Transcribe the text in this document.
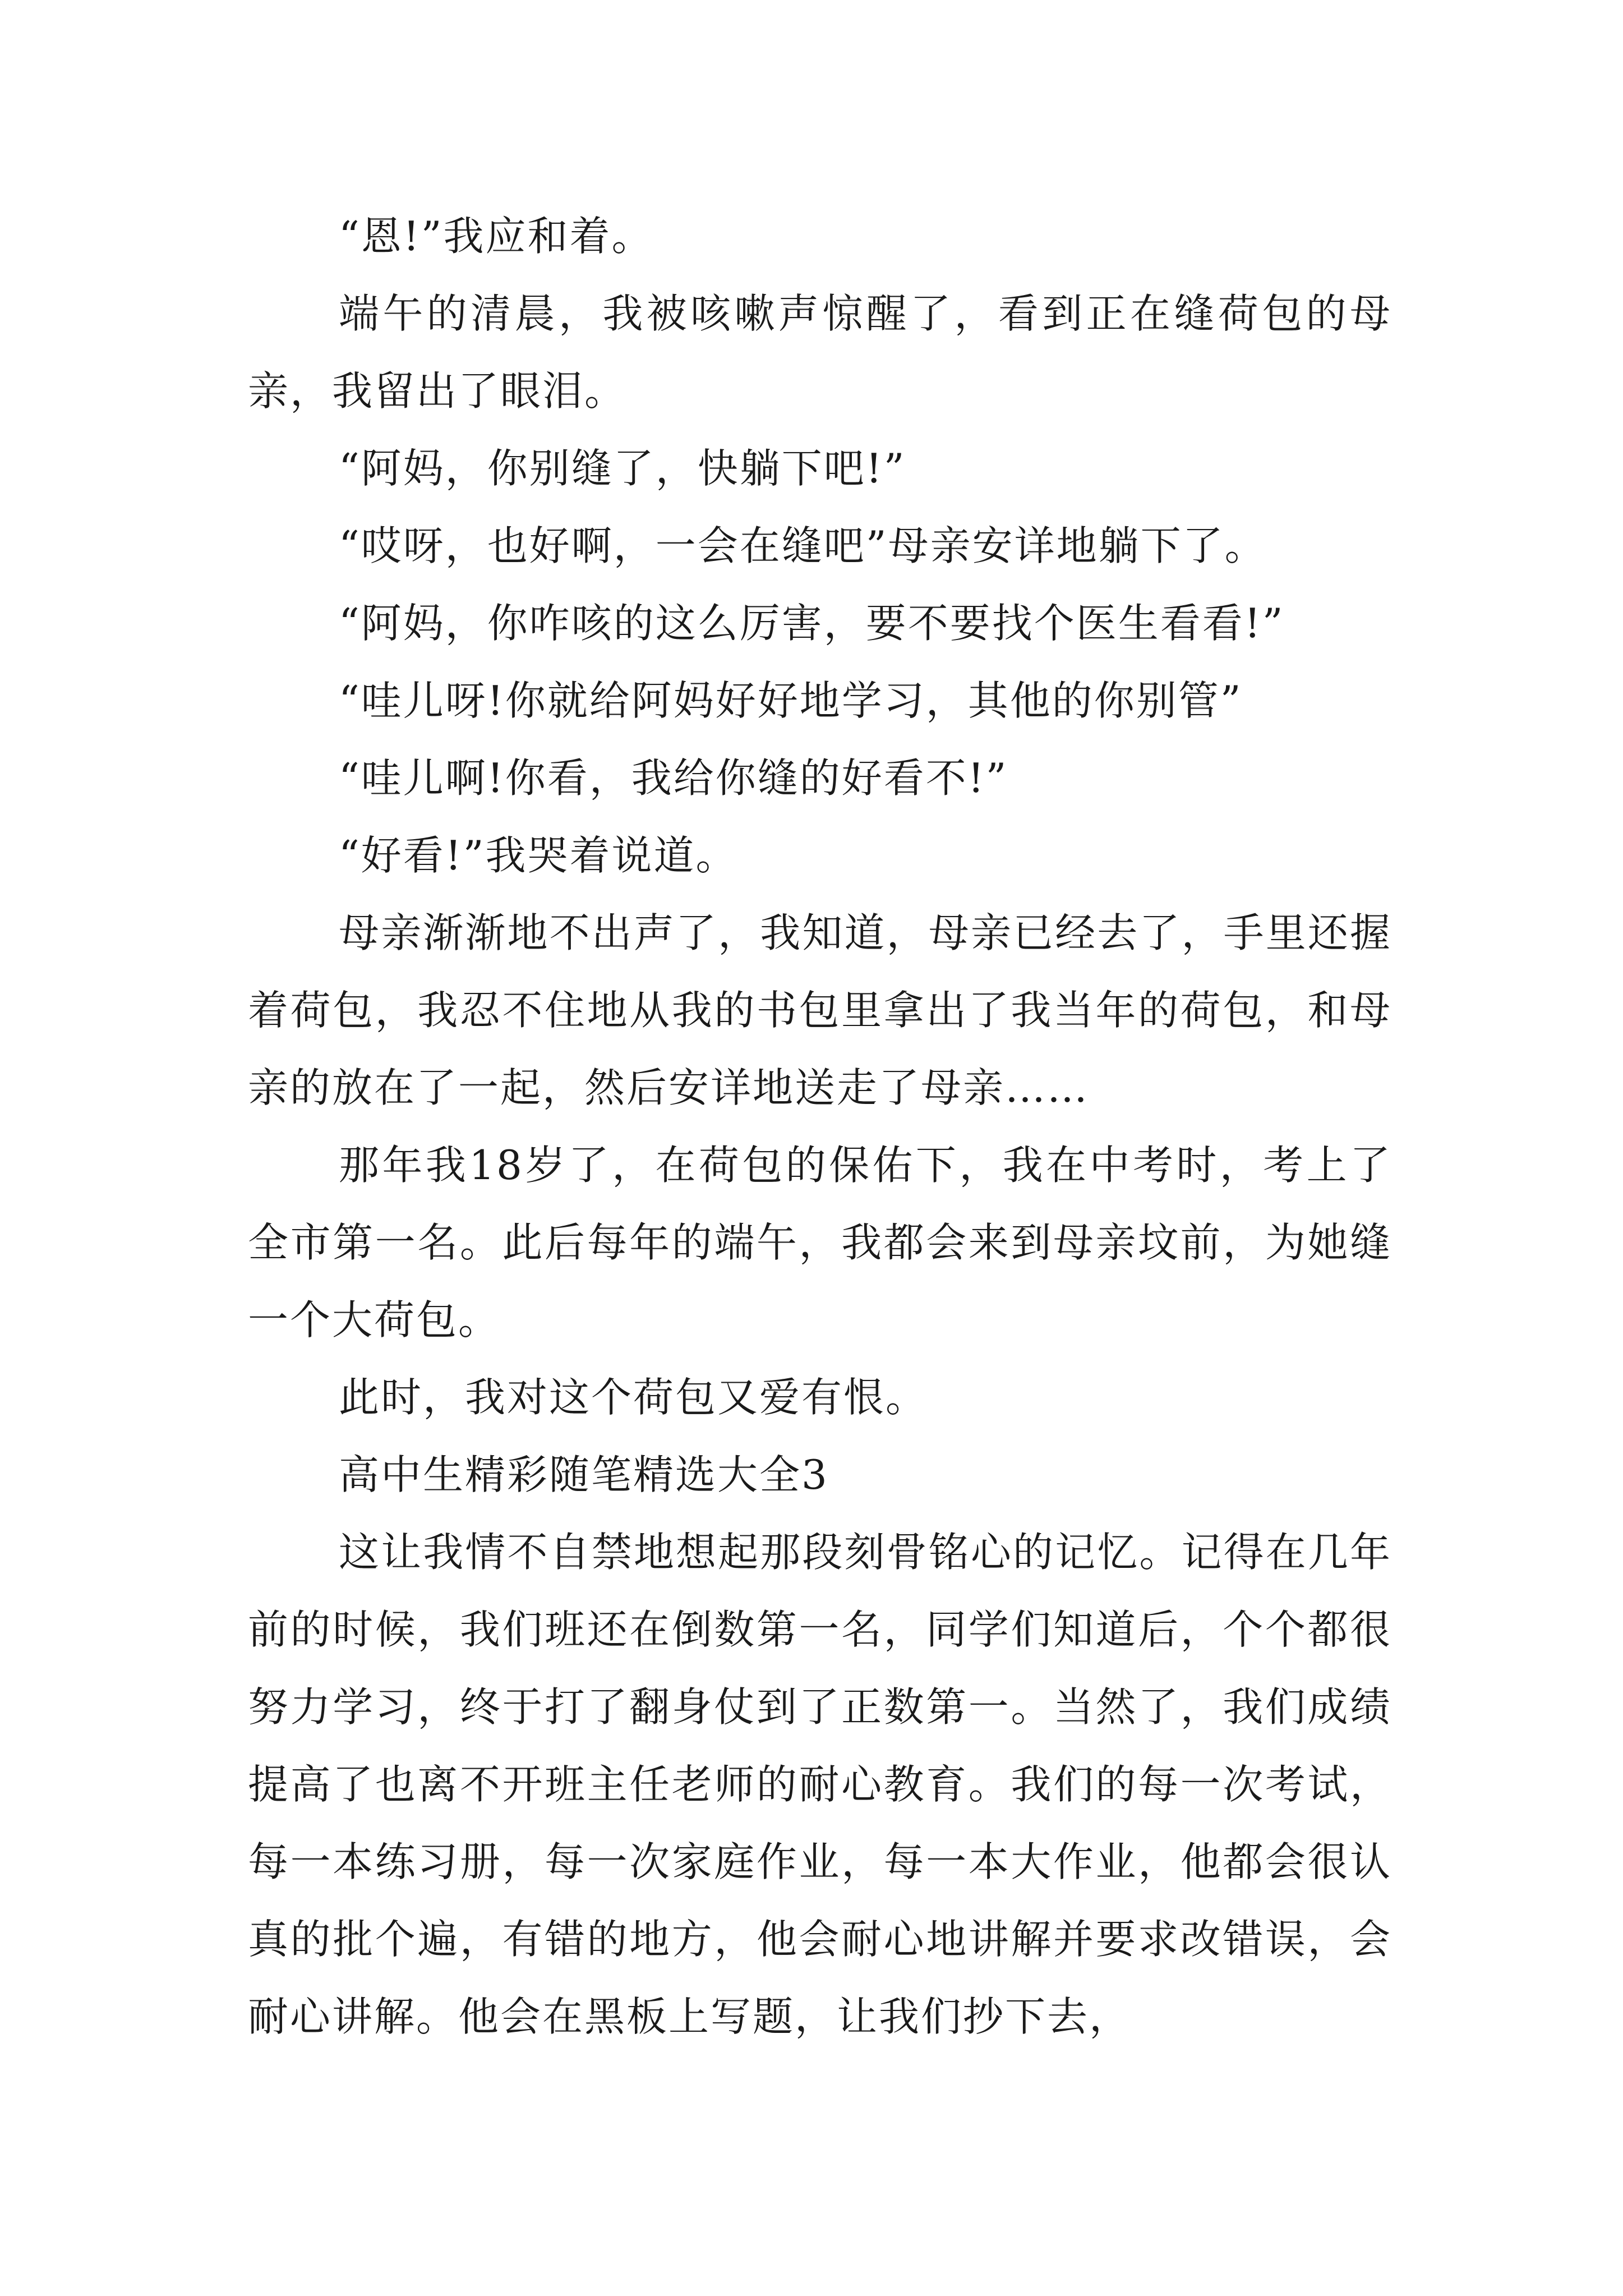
“恩!”我应和着。

端午的清晨，我被咳嗽声惊醒了，看到正在缝荷包的母亲，我留出了眼泪。

“阿妈，你别缝了，快躺下吧!”

“哎呀，也好啊，一会在缝吧”母亲安详地躺下了。

“阿妈，你咋咳的这么厉害，要不要找个医生看看!”

“哇儿呀!你就给阿妈好好地学习，其他的你别管”

“哇儿啊!你看，我给你缝的好看不!”

“好看!”我哭着说道。

母亲渐渐地不出声了，我知道，母亲已经去了，手里还握着荷包，我忍不住地从我的书包里拿出了我当年的荷包，和母亲的放在了一起，然后安详地送走了母亲……

那年我18岁了，在荷包的保佑下，我在中考时，考上了全市第一名。此后每年的端午，我都会来到母亲坟前，为她缝一个大荷包。

此时，我对这个荷包又爱有恨。

高中生精彩随笔精选大全3

这让我情不自禁地想起那段刻骨铭心的记忆。记得在几年前的时候，我们班还在倒数第一名，同学们知道后，个个都很努力学习，终于打了翻身仗到了正数第一。当然了，我们成绩提高了也离不开班主任老师的耐心教育。我们的每一次考试，每一本练习册，每一次家庭作业，每一本大作业，他都会很认真的批个遍，有错的地方，他会耐心地讲解并要求改错误，会耐心讲解。他会在黑板上写题，让我们抄下去，
